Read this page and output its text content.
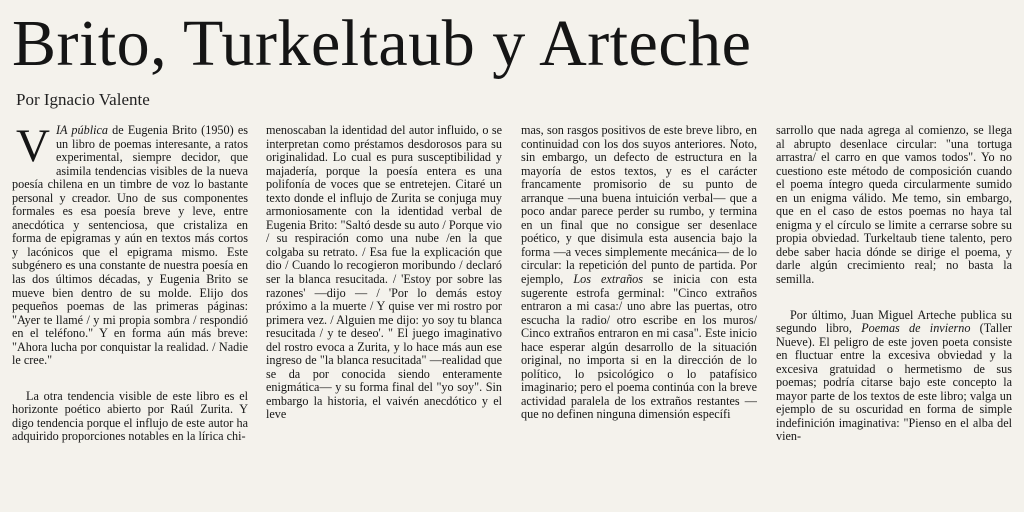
Brito, Turkeltaub y Arteche
Por Ignacio Valente

VIA pública de Eugenia Brito (1950) es un libro de poemas interesante, a ratos experimental, siempre decidor, que asimila tendencias visibles de la nueva poesía chilena en un timbre de voz lo bastante personal y creador. Uno de sus componentes formales es esa poesía breve y leve, entre anecdótica y sentenciosa, que cristaliza en forma de epigramas y aún en textos más cortos y lacónicos que el epigrama mismo. Este subgénero es una constante de nuestra poesía en las dos últimos décadas, y Eugenia Brito se mueve bien dentro de su molde. Elijo dos pequeños poemas de las primeras páginas: "Ayer te llamé / y mi propia sombra / respondió en el teléfono." Y en forma aún más breve: "Ahora lucha por conquistar la realidad. / Nadie le cree."

La otra tendencia visible de este libro es el horizonte poético abierto por Raúl Zurita. Y digo tendencia porque el influjo de este autor ha adquirido proporciones notables en la lírica chi-

menoscaban la identidad del autor influido, o se interpretan como préstamos desdorosos para su originalidad. Lo cual es pura susceptibilidad y majadería, porque la poesía entera es una polifonía de voces que se entretejen. Citaré un texto donde el influjo de Zurita se conjuga muy armoniosamente con la identidad verbal de Eugenia Brito: "Saltó desde su auto / Porque vio / su respiración como una nube /en la que colgaba su retrato. / Esa fue la explicación que dio / Cuando lo recogieron moribundo / declaró ser la blanca resucitada. / 'Estoy por sobre las razones' —dijo — / 'Por lo demás estoy próximo a la muerte / Y quise ver mi rostro por primera vez. / Alguien me dijo: yo soy tu blanca resucitada / y te deseo'. " El juego imaginativo del rostro evoca a Zurita, y lo hace más aun ese ingreso de "la blanca resucitada" —realidad que se da por conocida siendo enteramente enigmática— y su forma final del "yo soy". Sin embargo la historia, el vaivén anecdótico y el leve

mas, son rasgos positivos de este breve libro, en continuidad con los dos suyos anteriores. Noto, sin embargo, un defecto de estructura en la mayoría de estos textos, y es el carácter francamente promisorio de su punto de arranque —una buena intuición verbal— que a poco andar parece perder su rumbo, y termina en un final que no consigue ser desenlace poético, y que disimula esta ausencia bajo la forma —a veces simplemente mecánica— de lo circular: la repetición del punto de partida. Por ejemplo, Los extraños se inicia con esta sugerente estrofa germinal: "Cinco extraños entraron a mi casa:/ uno abre las puertas, otro escucha la radio/ otro escribe en los muros/ Cinco extraños entraron en mi casa". Este inicio hace esperar algún desarrollo de la situación original, no importa si en la dirección de lo político, lo psicológico o lo patafísico imaginario; pero el poema continúa con la breve actividad paralela de los extraños restantes —que no definen ninguna dimensión específi

sarrollo que nada agrega al comienzo, se llega al abrupto desenlace circular: "una tortuga arrastra/ el carro en que vamos todos". Yo no cuestiono este método de composición cuando el poema íntegro queda circularmente sumido en un enigma válido. Me temo, sin embargo, que en el caso de estos poemas no haya tal enigma y el círculo se limite a cerrarse sobre su propia obviedad. Turkeltaub tiene talento, pero debe saber hacia dónde se dirige el poema, y darle algún crecimiento real; no basta la semilla.

Por último, Juan Miguel Arteche publica su segundo libro, Poemas de invierno (Taller Nueve). El peligro de este joven poeta consiste en fluctuar entre la excesiva obviedad y la excesiva gratuidad o hermetismo de sus poemas; podría citarse bajo este concepto la mayor parte de los textos de este libro; valga un ejemplo de su oscuridad en forma de simple indefinición imaginativa: "Pienso en el alba del vien-
